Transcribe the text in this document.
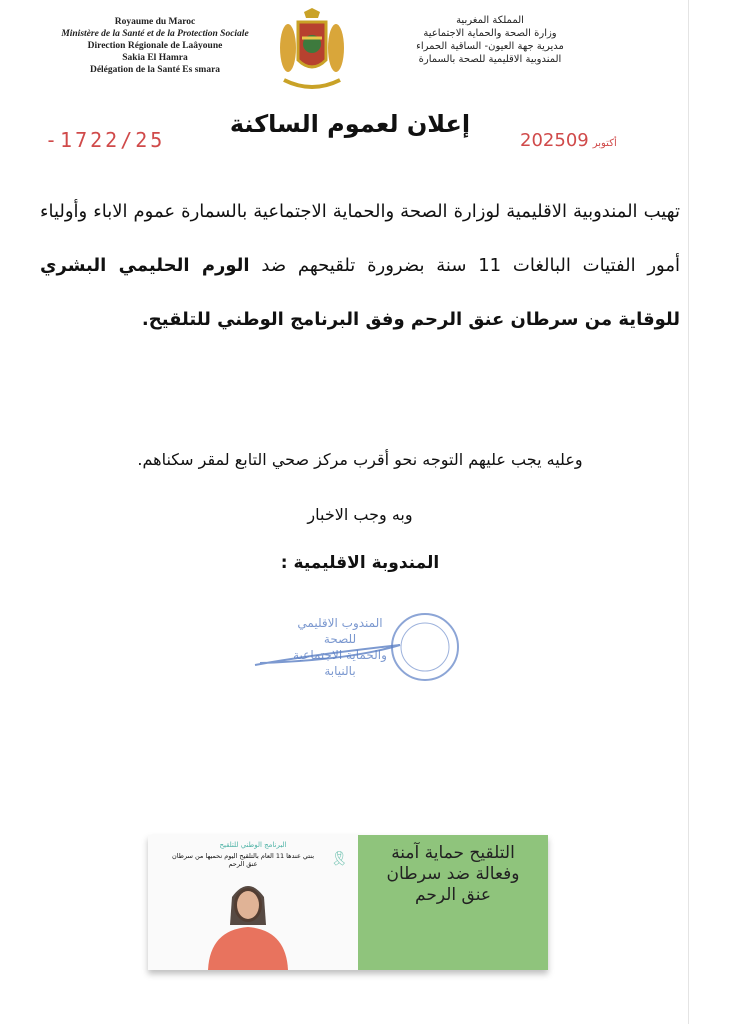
Royaume du Maroc
Ministère de la Santé et de la Protection Sociale
Direction Régionale de Laâyoune
Sakia El Hamra
Délégation de la Santé Es smara
المملكة المغربية
وزارة الصحة والحماية الاجتماعية
مديرية جهة العيون- الساقية الحمراء
المندوبية الاقليمية للصحة بالسمارة
-1722/25
إعلان لعموم الساكنة
2025	أكتوبر09

تهيب المندوبية الاقليمية لوزارة الصحة والحماية الاجتماعية بالسمارة عموم الاباء وأولياء أمور الفتيات البالغات 11 سنة بضرورة تلقيحهم ضد الورم الحليمي البشري للوقاية من سرطان عنق الرحم وفق البرنامج الوطني للتلقيح.

وعليه يجب عليهم التوجه نحو أقرب مركز صحي التابع لمقر سكناهم.
وبه وجب الاخبار
المندوبة الاقليمية :
المندوب الاقليمي
للصحة
والحماية الاجتماعية
بالنيابة
البرنامج الوطني للتلقيح
بنتي عندها 11 العام بالتلقيح اليوم نحميها من سرطان عنق الرحم	🎗	التلقيح حماية آمنة
وفعالة ضد سرطان
عنق الرحم
